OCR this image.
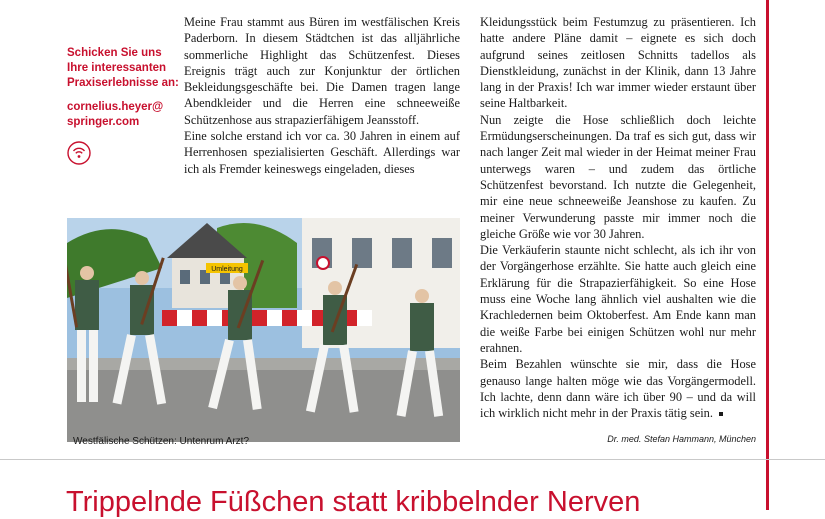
Schicken Sie uns Ihre interessanten Praxiserlebnisse an:

cornelius.heyer@
springer.com

Meine Frau stammt aus Büren im westfälischen Kreis Paderborn. In diesem Städtchen ist das alljährliche sommerliche Highlight das Schützenfest. Dieses Ereignis trägt auch zur Konjunktur der örtlichen Bekleidungsgeschäfte bei. Die Damen tragen lange Abendkleider und die Herren eine schneeweiße Schützenhose aus strapazierfähigem Jeansstoff.

Eine solche erstand ich vor ca. 30 Jahren in einem auf Herrenhosen spezialisierten Geschäft. Allerdings war ich als Fremder keineswegs eingeladen, dieses

Umleitung
Westfälische Schützen: Untenrum Arzt?

Kleidungsstück beim Festumzug zu präsentieren. Ich hatte andere Pläne damit – eignete es sich doch aufgrund seines zeitlosen Schnitts tadellos als Dienstkleidung, zunächst in der Klinik, dann 13 Jahre lang in der Praxis! Ich war immer wieder erstaunt über seine Haltbarkeit.

Nun zeigte die Hose schließlich doch leichte Ermüdungserscheinungen. Da traf es sich gut, dass wir nach langer Zeit mal wieder in der Heimat meiner Frau unterwegs waren – und zudem das örtliche Schützenfest bevorstand. Ich nutzte die Gelegenheit, mir eine neue schneeweiße Jeanshose zu kaufen. Zu meiner Verwunderung passte mir immer noch die gleiche Größe wie vor 30 Jahren.

Die Verkäuferin staunte nicht schlecht, als ich ihr von der Vorgängerhose erzählte. Sie hatte auch gleich eine Erklärung für die Strapazierfähigkeit. So eine Hose muss eine Woche lang ähnlich viel aushalten wie die Krachledernen beim Oktoberfest. Am Ende kann man die weiße Farbe bei einigen Schützen wohl nur mehr erahnen.

Beim Bezahlen wünschte sie mir, dass die Hose genauso lange halten möge wie das Vorgängermodell. Ich lachte, denn dann wäre ich über 90 – und da will ich wirklich nicht mehr in der Praxis tätig sein.

Dr. med. Stefan Hammann, München
Trippelnde Füßchen statt kribbelnder Nerven
